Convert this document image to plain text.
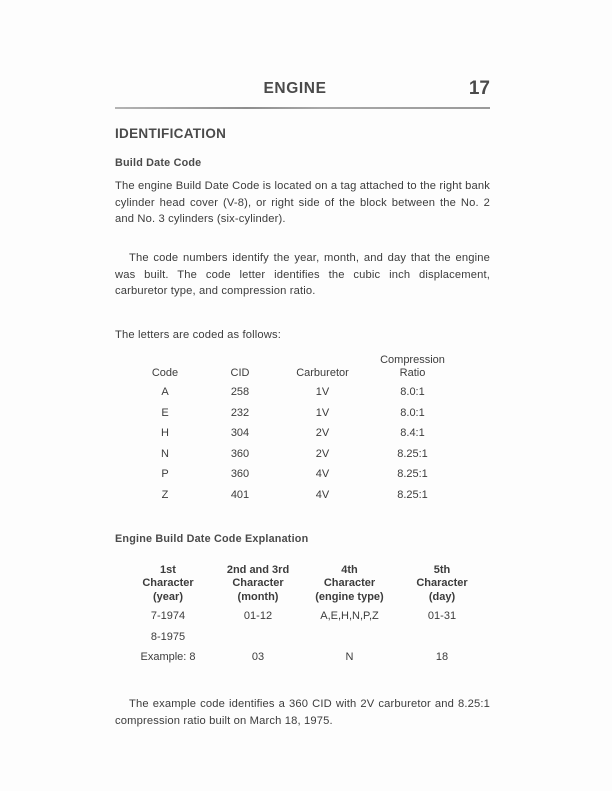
ENGINE	17
IDENTIFICATION
Build Date Code
The engine Build Date Code is located on a tag attached to the right bank cylinder head cover (V-8), or right side of the block between the No. 2 and No. 3 cylinders (six-cylinder).
The code numbers identify the year, month, and day that the engine was built. The code letter identifies the cubic inch displacement, carburetor type, and compression ratio.
The letters are coded as follows:
Code	CID	Carburetor	Compression
Ratio
A	258	1V	8.0:1
E	232	1V	8.0:1
H	304	2V	8.4:1
N	360	2V	8.25:1
P	360	4V	8.25:1
Z	401	4V	8.25:1
Engine Build Date Code Explanation
1st
Character
(year)	2nd and 3rd
Character
(month)	4th
Character
(engine type)	5th
Character
(day)
7-1974	01-12	A,E,H,N,P,Z	01-31
8-1975			
Example: 8	03	N	18
The example code identifies a 360 CID with 2V carburetor and 8.25:1 compression ratio built on March 18, 1975.
